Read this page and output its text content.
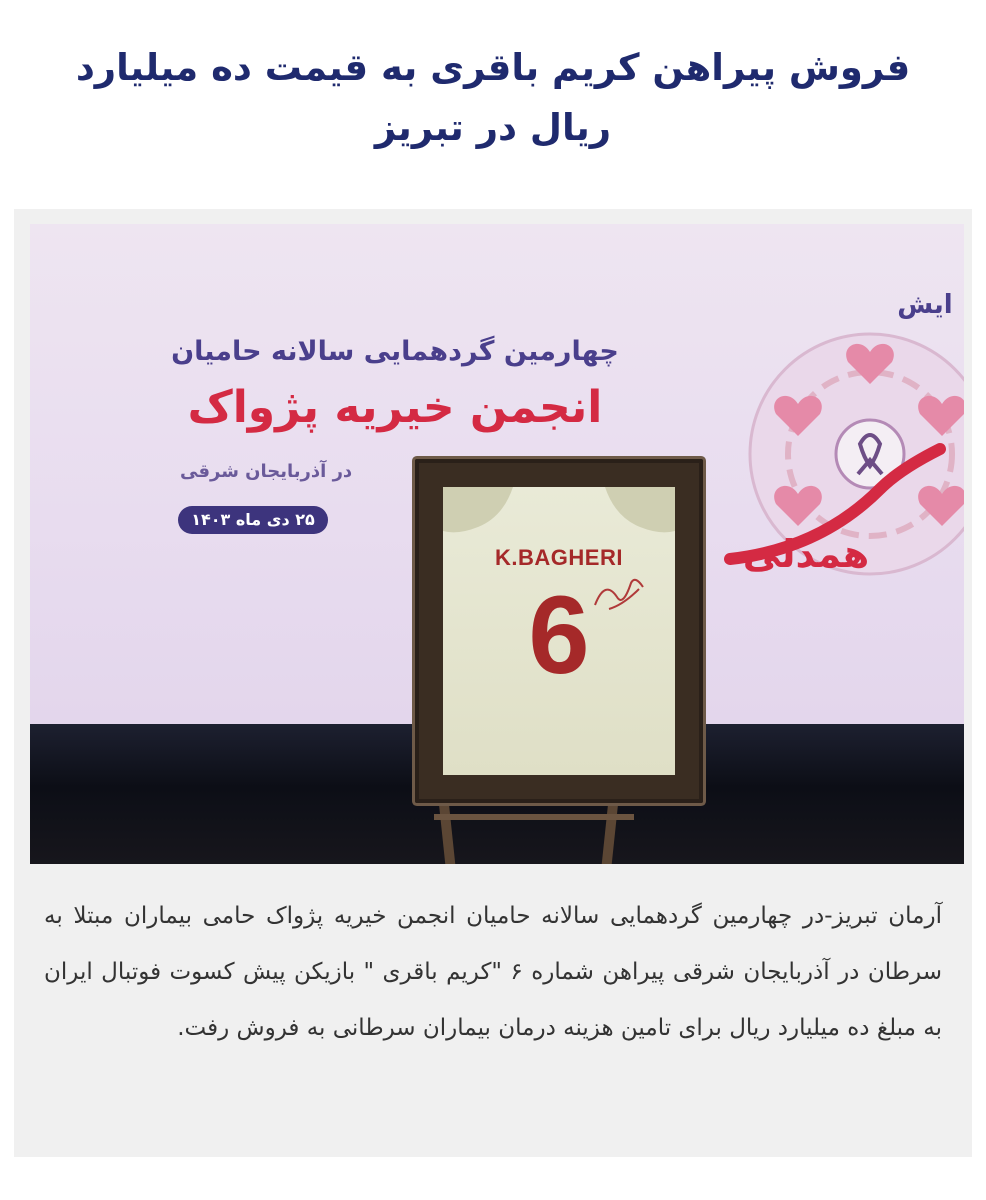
فروش پیراهن کریم باقری به قیمت ده میلیارد
ریال در تبریز
ایش
همدلی
چهارمین گردهمایی سالانه حامیان
انجمن خیریه پژواک
در آذربایجان شرقی
۲۵ دی ماه ۱۴۰۳
K.BAGHERI
6

آرمان تبریز-در چهارمین گردهمایی سالانه حامیان انجمن خیریه پژواک حامی بیماران مبتلا به سرطان در آذربایجان شرقی پیراهن شماره ۶ "کریم باقری " بازیکن پیش کسوت فوتبال ایران به مبلغ ده میلیارد ریال برای تامین هزینه درمان بیماران سرطانی به فروش رفت.
